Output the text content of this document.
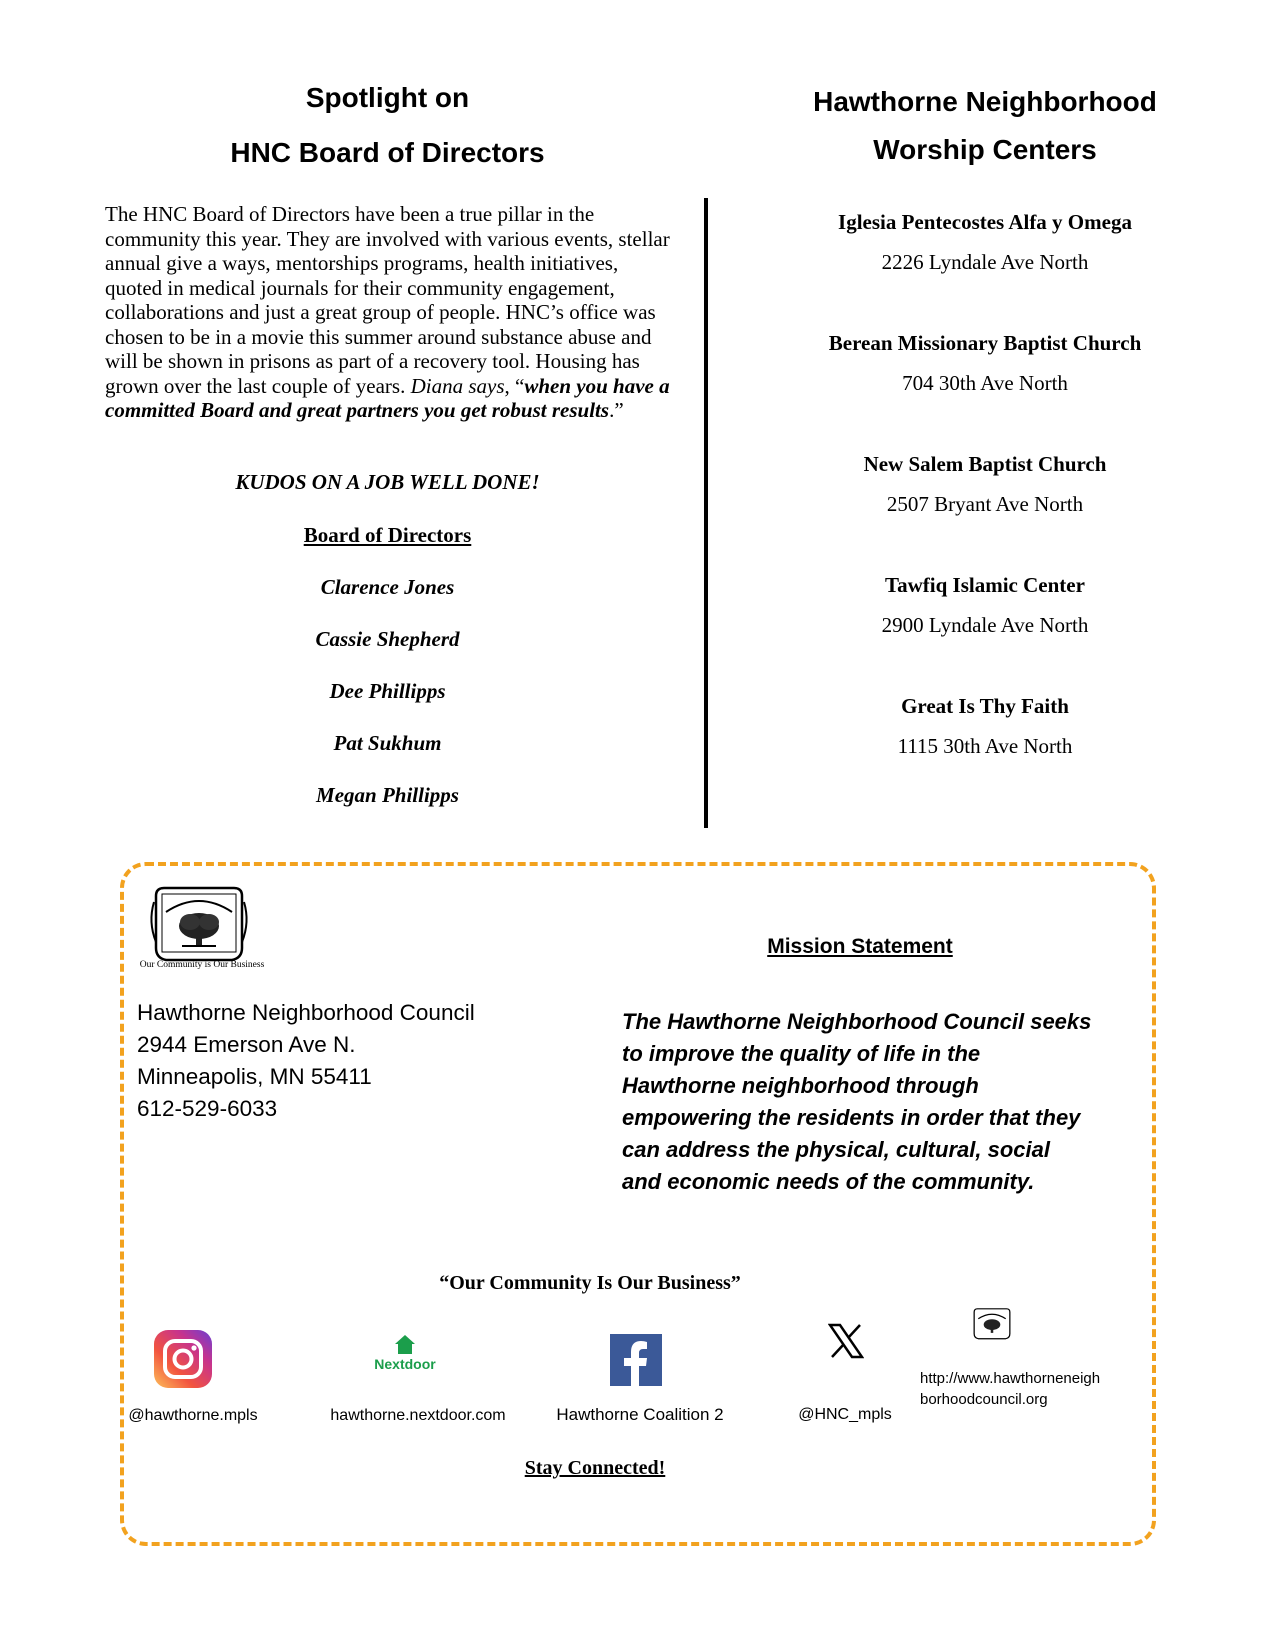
Spotlight on
HNC Board of Directors
The HNC Board of Directors have been a true pillar in the community this year. They are involved with various events, stellar annual give a ways, mentorships programs, health initiatives, quoted in medical journals for their community engagement, collaborations and just a great group of people. HNC’s office was chosen to be in a movie this summer around substance abuse and will be shown in prisons as part of a recovery tool. Housing has grown over the last couple of years. Diana says, “when you have a committed Board and great partners you get robust results.”
KUDOS ON A JOB WELL DONE!
Board of Directors
Clarence Jones
Cassie Shepherd
Dee Phillipps
Pat Sukhum
Megan Phillipps
Hawthorne Neighborhood
Worship Centers
Iglesia Pentecostes Alfa y Omega
2226 Lyndale Ave North
Berean Missionary Baptist Church
704 30th Ave North
New Salem Baptist Church
2507 Bryant Ave North
Tawfiq Islamic Center
2900 Lyndale Ave North
Great Is Thy Faith
1115 30th Ave North
Our Community is Our Business
Hawthorne Neighborhood Council
2944 Emerson Ave N.
Minneapolis, MN 55411
612-529-6033
Mission Statement
The Hawthorne Neighborhood Council seeks to improve the quality of life in the Hawthorne neighborhood through empowering the residents in order that they can address the physical, cultural, social and economic needs of the community.
“Our Community Is Our Business”
@hawthorne.mpls
Nextdoor
hawthorne.nextdoor.com	Hawthorne Coalition 2	@HNC_mpls
http://www.hawthorneneighborhoodcouncil.org
Stay Connected!
